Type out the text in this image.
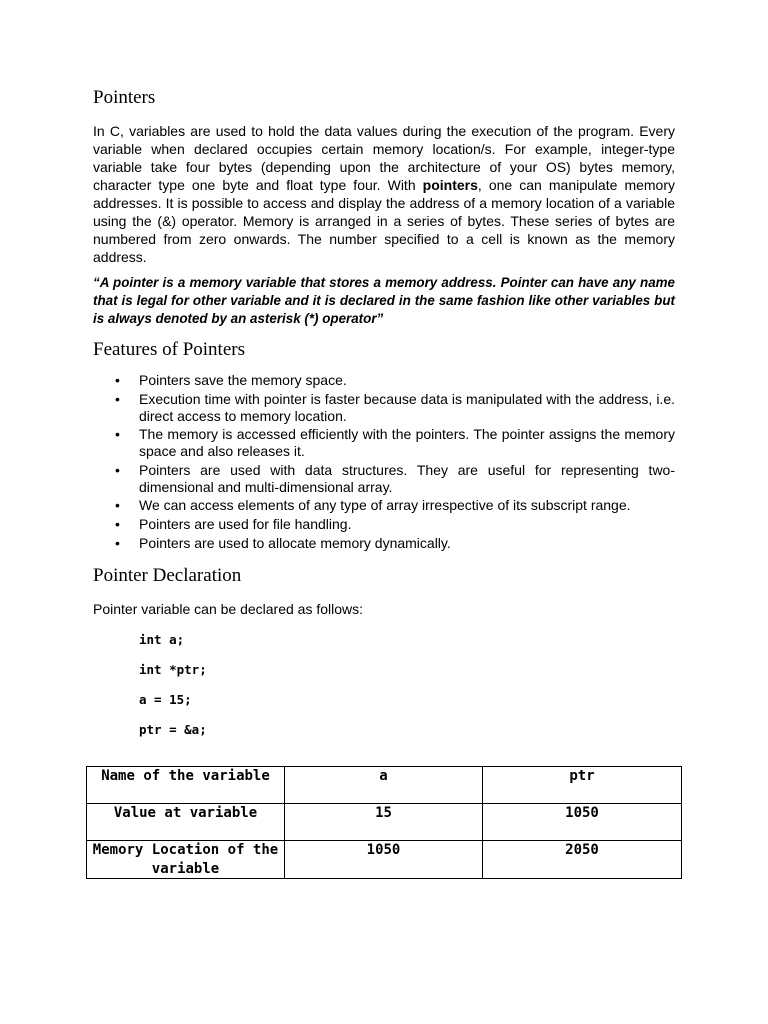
Pointers

In C, variables are used to hold the data values during the execution of the program. Every variable when declared occupies certain memory location/s. For example, integer-type variable take four bytes (depending upon the architecture of your OS) bytes memory, character type one byte and float type four. With pointers, one can manipulate memory addresses. It is possible to access and display the address of a memory location of a variable using the (&) operator. Memory is arranged in a series of bytes. These series of bytes are numbered from zero onwards. The number specified to a cell is known as the memory address.

“A pointer is a memory variable that stores a memory address. Pointer can have any name that is legal for other variable and it is declared in the same fashion like other variables but is always denoted by an asterisk (*) operator”

Features of Pointers
• Pointers save the memory space.
• Execution time with pointer is faster because data is manipulated with the address, i.e. direct access to memory location.
• The memory is accessed efficiently with the pointers. The pointer assigns the memory space and also releases it.
• Pointers are used with data structures. They are useful for representing two-dimensional and multi-dimensional array.
• We can access elements of any type of array irrespective of its subscript range.
• Pointers are used for file handling.
• Pointers are used to allocate memory dynamically.
Pointer Declaration

Pointer variable can be declared as follows:

int a;
int *ptr;
a = 15;
ptr = &a;
Name of the variable	a	ptr
Value at variable	15	1050
Memory Location of the variable	1050	2050
